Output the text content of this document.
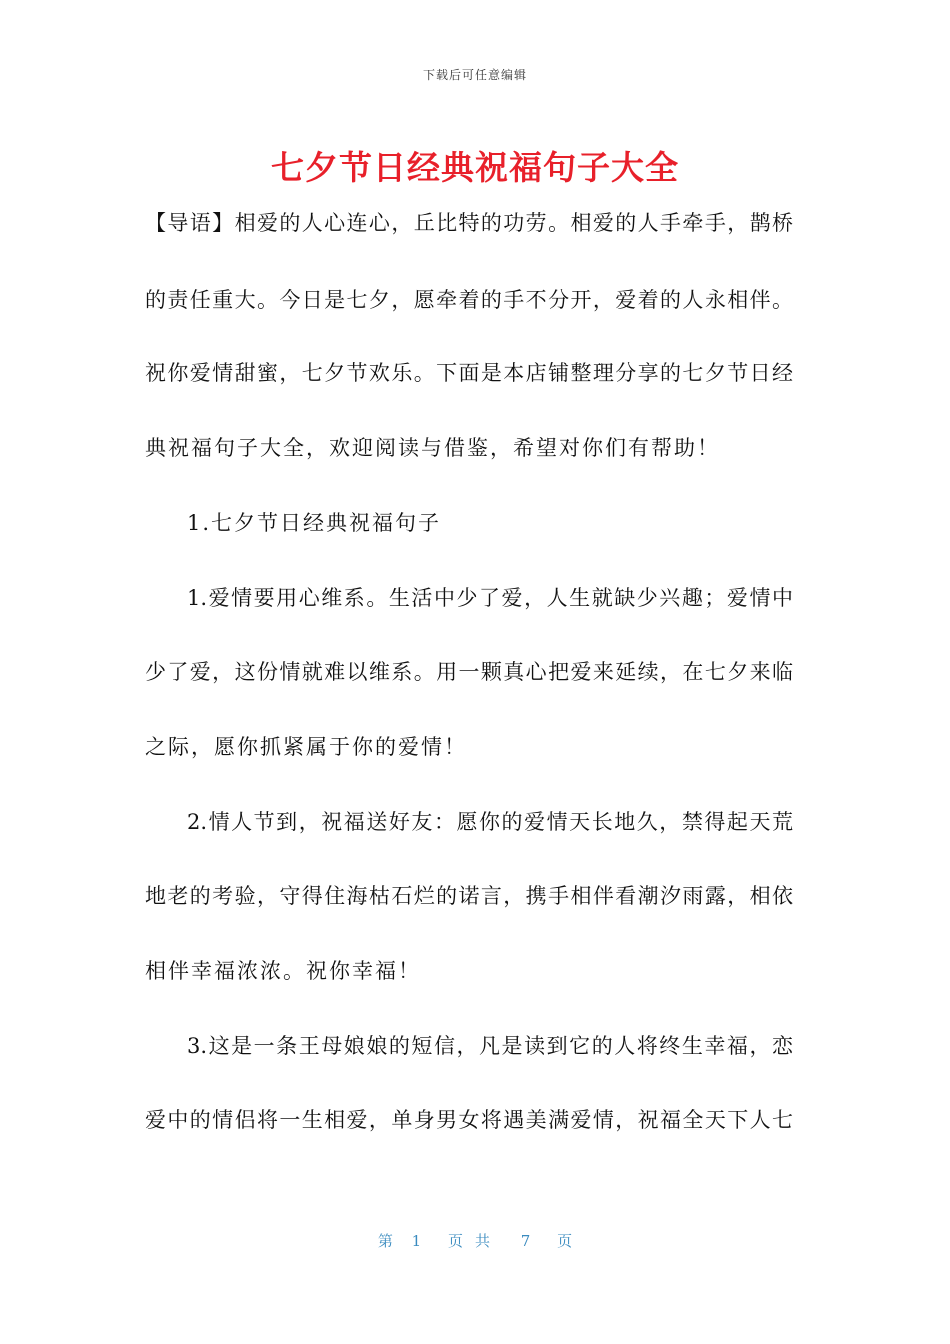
下载后可任意编辑
七夕节日经典祝福句子大全
【导语】相爱的人心连心，丘比特的功劳。相爱的人手牵手，鹊桥
的责任重大。今日是七夕，愿牵着的手不分开，爱着的人永相伴。
祝你爱情甜蜜，七夕节欢乐。下面是本店铺整理分享的七夕节日经
典祝福句子大全，欢迎阅读与借鉴，希望对你们有帮助！
1.七夕节日经典祝福句子
1.爱情要用心维系。生活中少了爱，人生就缺少兴趣；爱情中
少了爱，这份情就难以维系。用一颗真心把爱来延续，在七夕来临
之际，愿你抓紧属于你的爱情！
2.情人节到，祝福送好友：愿你的爱情天长地久，禁得起天荒
地老的考验，守得住海枯石烂的诺言，携手相伴看潮汐雨露，相依
相伴幸福浓浓。祝你幸福！
3.这是一条王母娘娘的短信，凡是读到它的人将终生幸福，恋
爱中的情侣将一生相爱，单身男女将遇美满爱情，祝福全天下人七
第 1 页共 7 页
